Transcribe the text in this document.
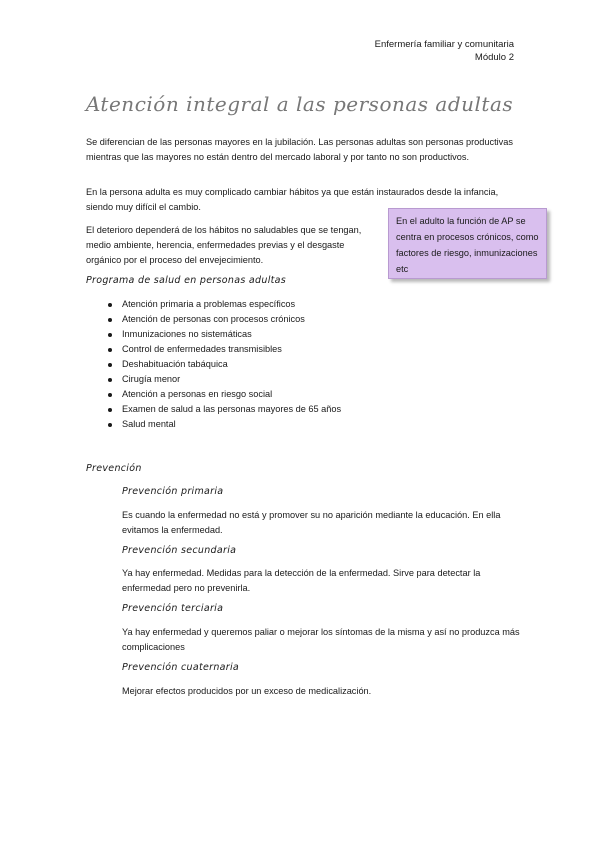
Enfermería familiar y comunitaria
Módulo 2
Atención integral a las personas adultas
Se diferencian de las personas mayores en la jubilación. Las personas adultas son personas productivas mientras que las mayores no están dentro del mercado laboral y por tanto no son productivos.
En la persona adulta es muy complicado cambiar hábitos ya que están instaurados desde la infancia, siendo muy difícil el cambio.
El deterioro dependerá de los hábitos no saludables que se tengan, medio ambiente, herencia, enfermedades previas y el desgaste orgánico por el proceso del envejecimiento.
En el adulto la función de AP se centra en procesos crónicos, como factores de riesgo, inmunizaciones etc
Programa de salud en personas adultas
Atención primaria a problemas específicos
Atención de personas con procesos crónicos
Inmunizaciones no sistemáticas
Control de enfermedades transmisibles
Deshabituación tabáquica
Cirugía menor
Atención a personas en riesgo social
Examen de salud a las personas mayores de 65 años
Salud mental
Prevención
Prevención primaria
Es cuando la enfermedad no está y promover su no aparición mediante la educación. En ella evitamos la enfermedad.
Prevención secundaria
Ya hay enfermedad. Medidas para la detección de la enfermedad. Sirve para detectar la enfermedad pero no prevenirla.
Prevención terciaria
Ya hay enfermedad y queremos paliar o mejorar los síntomas de la misma y así no produzca más complicaciones
Prevención cuaternaria
Mejorar efectos producidos por un exceso de medicalización.
